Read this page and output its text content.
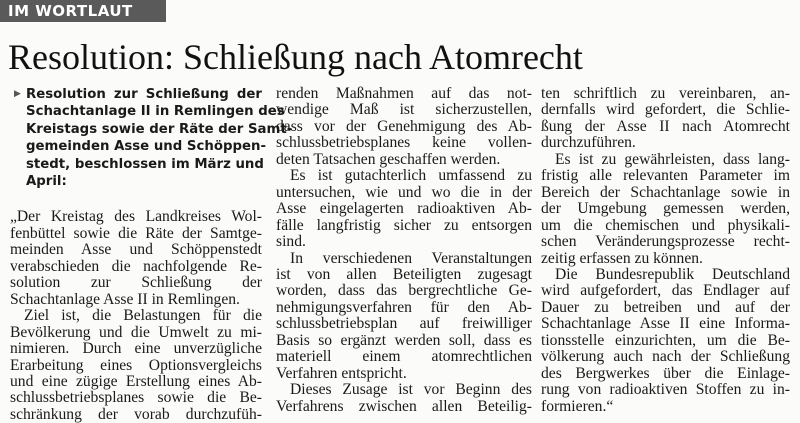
IM WORTLAUT
Resolution: Schließung nach Atomrecht
▶ Resolution zur Schließung der
Schachtanlage II in Remlingen des
Kreistags sowie der Räte der Samt-
gemeinden Asse und Schöppen-
stedt, beschlossen im März und
April:
„Der Kreistag des Landkreises Wol-
fenbüttel sowie die Räte der Samtge-
meinden Asse und Schöppenstedt
verabschieden die nachfolgende Re-
solution zur Schließung der
Schachtanlage Asse II in Remlingen.
Ziel ist, die Belastungen für die
Bevölkerung und die Umwelt zu mi-
nimieren. Durch eine unverzügliche
Erarbeitung eines Optionsvergleichs
und eine zügige Erstellung eines Ab-
schlussbetriebsplanes sowie die Be-
schränkung der vorab durchzufüh-
renden Maßnahmen auf das not-
wendige Maß ist sicherzustellen,
dass vor der Genehmigung des Ab-
schlussbetriebsplanes keine vollen-
deten Tatsachen geschaffen werden.
Es ist gutachterlich umfassend zu
untersuchen, wie und wo die in der
Asse eingelagerten radioaktiven Ab-
fälle langfristig sicher zu entsorgen
sind.
In verschiedenen Veranstaltungen
ist von allen Beteiligten zugesagt
worden, dass das bergrechtliche Ge-
nehmigungsverfahren für den Ab-
schlussbetriebsplan auf freiwilliger
Basis so ergänzt werden soll, dass es
materiell einem atomrechtlichen
Verfahren entspricht.
Dieses Zusage ist vor Beginn des
Verfahrens zwischen allen Beteilig-
ten schriftlich zu vereinbaren, an-
dernfalls wird gefordert, die Schlie-
ßung der Asse II nach Atomrecht
durchzuführen.
Es ist zu gewährleisten, dass lang-
fristig alle relevanten Parameter im
Bereich der Schachtanlage sowie in
der Umgebung gemessen werden,
um die chemischen und physikali-
schen Veränderungsprozesse recht-
zeitig erfassen zu können.
Die Bundesrepublik Deutschland
wird aufgefordert, das Endlager auf
Dauer zu betreiben und auf der
Schachtanlage Asse II eine Informa-
tionsstelle einzurichten, um die Be-
völkerung auch nach der Schließung
des Bergwerkes über die Einlage-
rung von radioaktiven Stoffen zu in-
formieren.“
